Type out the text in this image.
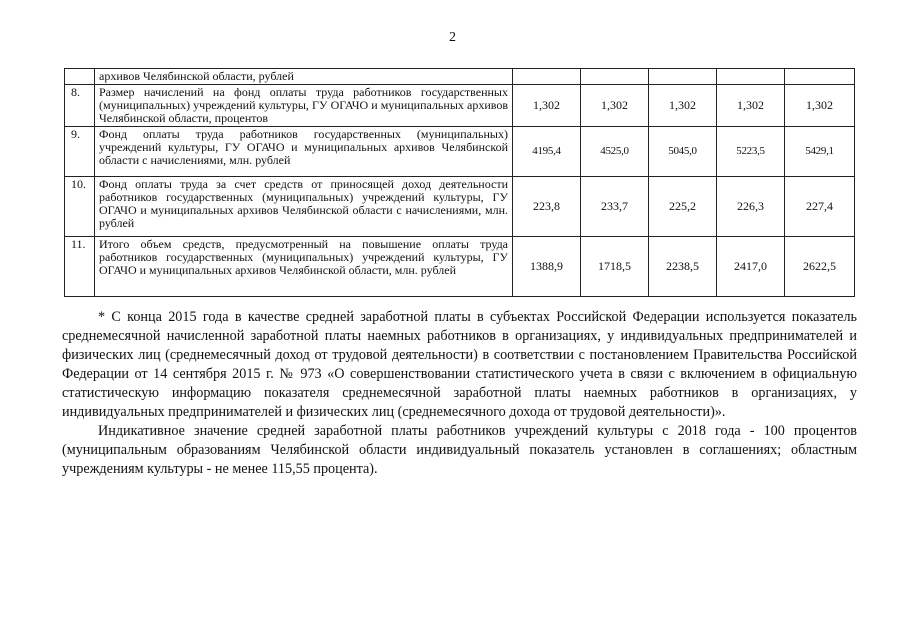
2
	архивов Челябинской области, рублей					
8.	Размер начислений на фонд оплаты труда работников государственных (муниципальных) учреждений культуры, ГУ ОГАЧО и муниципальных архивов Челябинской области, процентов	1,302	1,302	1,302	1,302	1,302
9.	Фонд оплаты труда работников государственных (муниципальных) учреждений культуры, ГУ ОГАЧО и муниципальных архивов Челябинской области с начислениями, млн. рублей	4195,4	4525,0	5045,0	5223,5	5429,1
10.	Фонд оплаты труда за счет средств от приносящей доход деятельности работников государственных (муниципальных) учреждений культуры, ГУ ОГАЧО и муниципальных архивов Челябинской области с начислениями, млн. рублей	223,8	233,7	225,2	226,3	227,4
11.	Итого объем средств, предусмотренный на повышение оплаты труда работников государственных (муниципальных) учреждений культуры, ГУ ОГАЧО и муниципальных архивов Челябинской области, млн. рублей	1388,9	1718,5	2238,5	2417,0	2622,5

* С конца 2015 года в качестве средней заработной платы в субъектах Российской Федерации используется показатель среднемесячной начисленной заработной платы наемных работников в организациях, у индивидуальных предпринимателей и физических лиц (среднемесячный доход от трудовой деятельности) в соответствии с постановлением Правительства Российской Федерации от 14 сентября 2015 г. № 973 «О совершенствовании статистического учета в связи с включением в официальную статистическую информацию показателя среднемесячной заработной платы наемных работников в организациях, у индивидуальных предпринимателей и физических лиц (среднемесячного дохода от трудовой деятельности)».

Индикативное значение средней заработной платы работников учреждений культуры с 2018 года - 100 процентов (муниципальным образованиям Челябинской области индивидуальный показатель установлен в соглашениях; областным учреждениям культуры - не менее 115,55 процента).
